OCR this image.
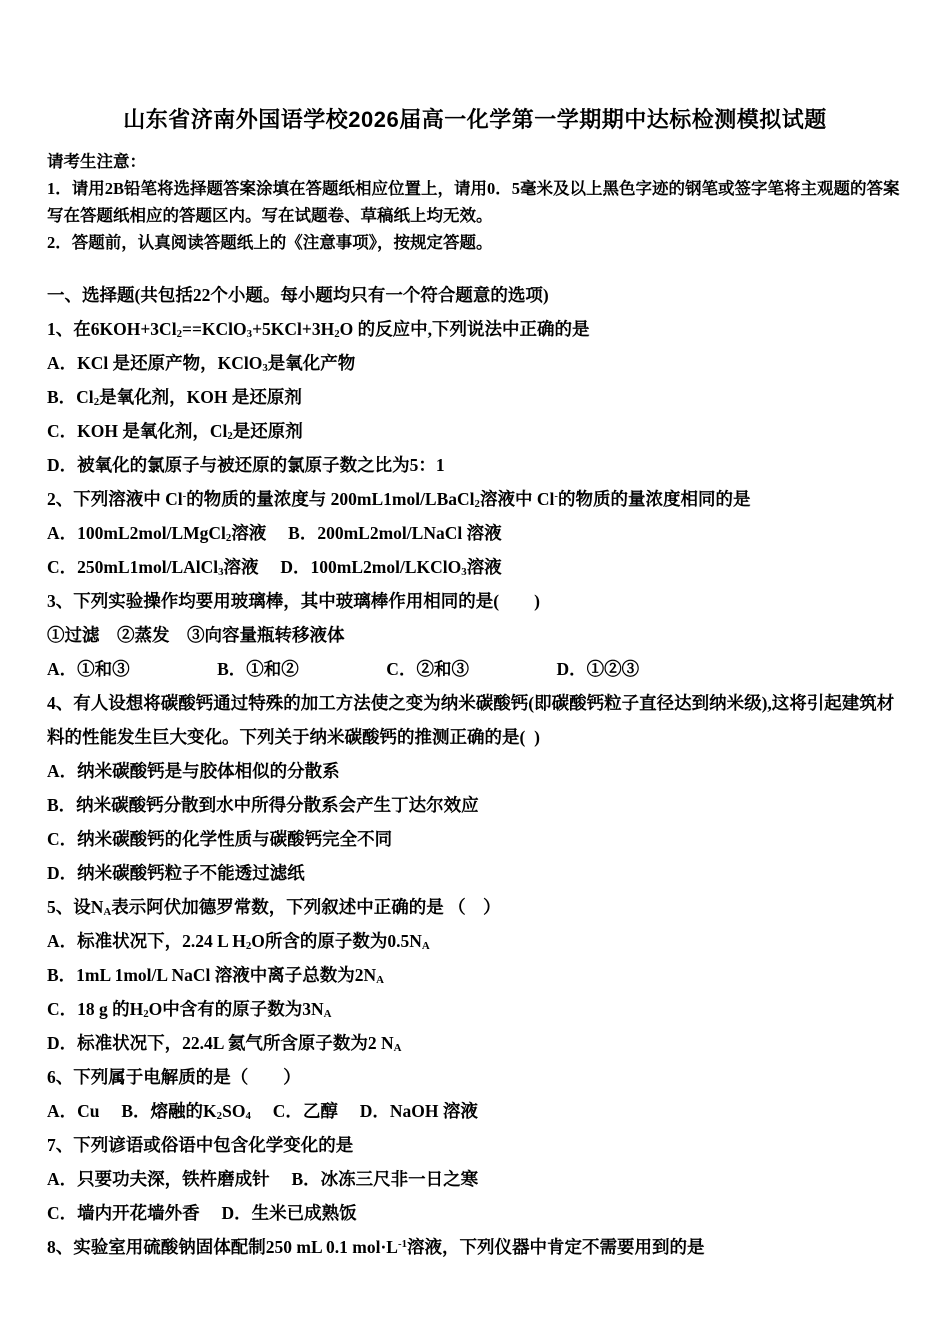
山东省济南外国语学校2026届高一化学第一学期期中达标检测模拟试题
请考生注意：
1．请用2B铅笔将选择题答案涂填在答题纸相应位置上，请用0．5毫米及以上黑色字迹的钢笔或签字笔将主观题的答案写在答题纸相应的答题区内。写在试题卷、草稿纸上均无效。
2．答题前，认真阅读答题纸上的《注意事项》，按规定答题。
一、选择题(共包括22个小题。每小题均只有一个符合题意的选项)
1、在$6KOH+3Cl_2==KClO_3+5KCl+3H_2O$ 的反应中,下列说法中正确的是
A．KCl 是还原产物，KClO$_3$是氧化产物
B．$Cl_2$是氧化剂，KOH 是还原剂
C．KOH 是氧化剂，$Cl_2$是还原剂
D．被氧化的氯原子与被还原的氯原子数之比为5：1
2、下列溶液中 Cl-的物质的量浓度与 200mL1mol/LBaCl$_2$溶液中 Cl-的物质的量浓度相同的是
A．100mL2mol/LMgCl$_2$溶液　 B．200mL2mol/LNaCl 溶液
C．250mL1mol/LAlCl$_3$溶液　 D．100mL2mol/LKClO$_3$溶液
3、下列实验操作均要用玻璃棒，其中玻璃棒作用相同的是(　　)
①过滤　②蒸发　③向容量瓶转移液体
A．①和③　　　　　B．①和②　　　　　C．②和③　　　　　D．①②③
4、有人设想将碳酸钙通过特殊的加工方法使之变为纳米碳酸钙(即碳酸钙粒子直径达到纳米级),这将引起建筑材料的性能发生巨大变化。下列关于纳米碳酸钙的推测正确的是(  )
A．纳米碳酸钙是与胶体相似的分散系
B．纳米碳酸钙分散到水中所得分散系会产生丁达尔效应
C．纳米碳酸钙的化学性质与碳酸钙完全不同
D．纳米碳酸钙粒子不能透过滤纸
5、设$N_A$表示阿伏加德罗常数，下列叙述中正确的是 （　）
A．标准状况下，2.24 L $H_2O$所含的原子数为$0.5N_A$
B．1mL 1mol/L NaCl 溶液中离子总数为$2N_A$
C．18 g 的$H_2O$中含有的原子数为$3N_A$
D．标准状况下，22.4L 氦气所含原子数为2 $N_A$
6、下列属于电解质的是（　　）
A．Cu　 B．熔融的$K_2SO_4$　 C．乙醇　 D．NaOH 溶液
7、下列谚语或俗语中包含化学变化的是
A．只要功夫深，铁杵磨成针　 B．冰冻三尺非一日之寒
C．墙内开花墙外香　 D．生米已成熟饭
8、实验室用硫酸钠固体配制250 mL 0.1 $mol\cdot L^{-1}$溶液，下列仪器中肯定不需要用到的是
